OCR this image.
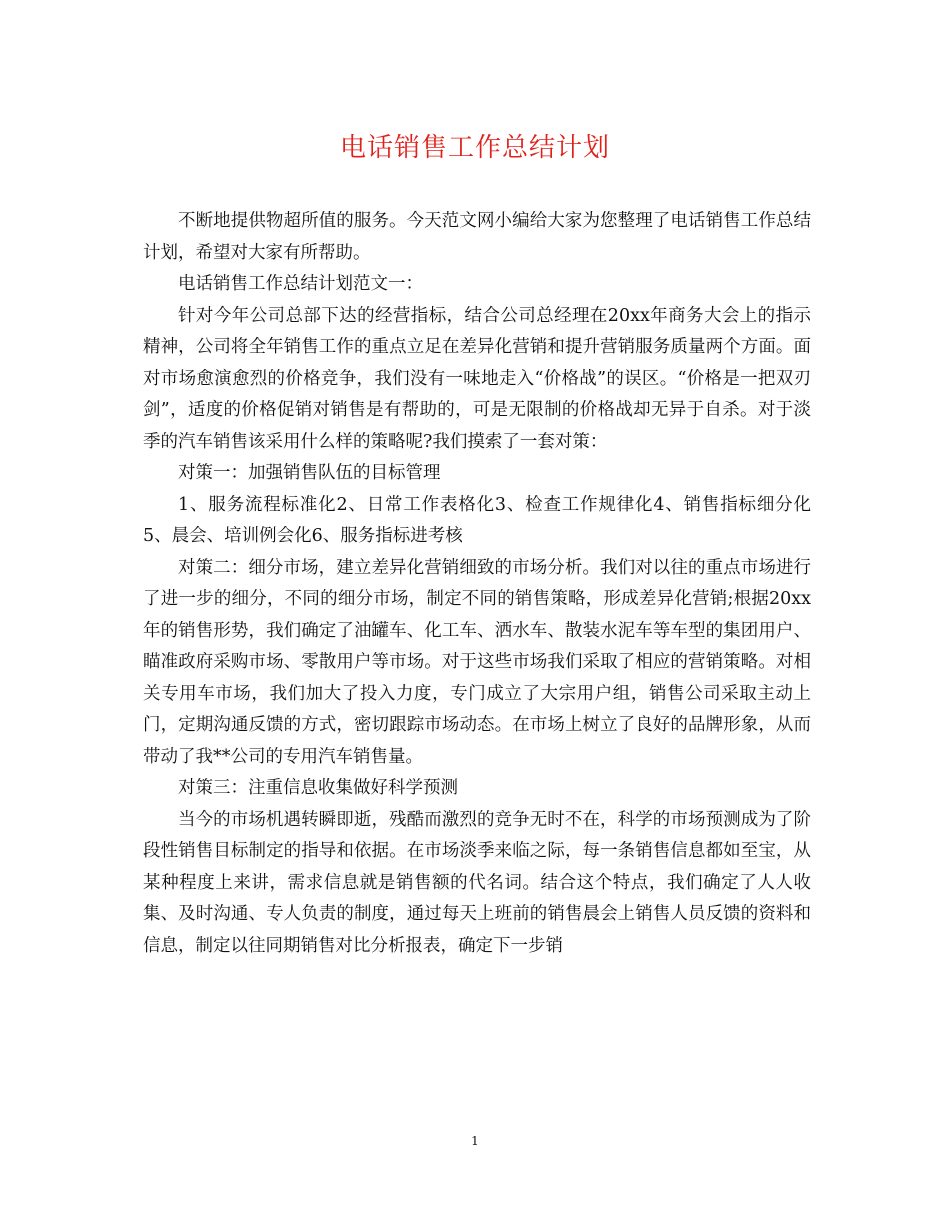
电话销售工作总结计划

不断地提供物超所值的服务。今天范文网小编给大家为您整理了电话销售工作总结计划，希望对大家有所帮助。

电话销售工作总结计划范文一：

针对今年公司总部下达的经营指标，结合公司总经理在20xx年商务大会上的指示精神，公司将全年销售工作的重点立足在差异化营销和提升营销服务质量两个方面。面对市场愈演愈烈的价格竞争，我们没有一味地走入“价格战”的误区。“价格是一把双刃剑”，适度的价格促销对销售是有帮助的，可是无限制的价格战却无异于自杀。对于淡季的汽车销售该采用什么样的策略呢?我们摸索了一套对策：

对策一：加强销售队伍的目标管理

1、服务流程标准化2、日常工作表格化3、检查工作规律化4、销售指标细分化5、晨会、培训例会化6、服务指标进考核

对策二：细分市场，建立差异化营销细致的市场分析。我们对以往的重点市场进行了进一步的细分，不同的细分市场，制定不同的销售策略，形成差异化营销;根据20xx年的销售形势，我们确定了油罐车、化工车、洒水车、散装水泥车等车型的集团用户、瞄准政府采购市场、零散用户等市场。对于这些市场我们采取了相应的营销策略。对相关专用车市场，我们加大了投入力度，专门成立了大宗用户组，销售公司采取主动上门，定期沟通反馈的方式，密切跟踪市场动态。在市场上树立了良好的品牌形象，从而带动了我**公司的专用汽车销售量。

对策三：注重信息收集做好科学预测

当今的市场机遇转瞬即逝，残酷而激烈的竞争无时不在，科学的市场预测成为了阶段性销售目标制定的指导和依据。在市场淡季来临之际，每一条销售信息都如至宝，从某种程度上来讲，需求信息就是销售额的代名词。结合这个特点，我们确定了人人收集、及时沟通、专人负责的制度，通过每天上班前的销售晨会上销售人员反馈的资料和信息，制定以往同期销售对比分析报表，确定下一步销

1
